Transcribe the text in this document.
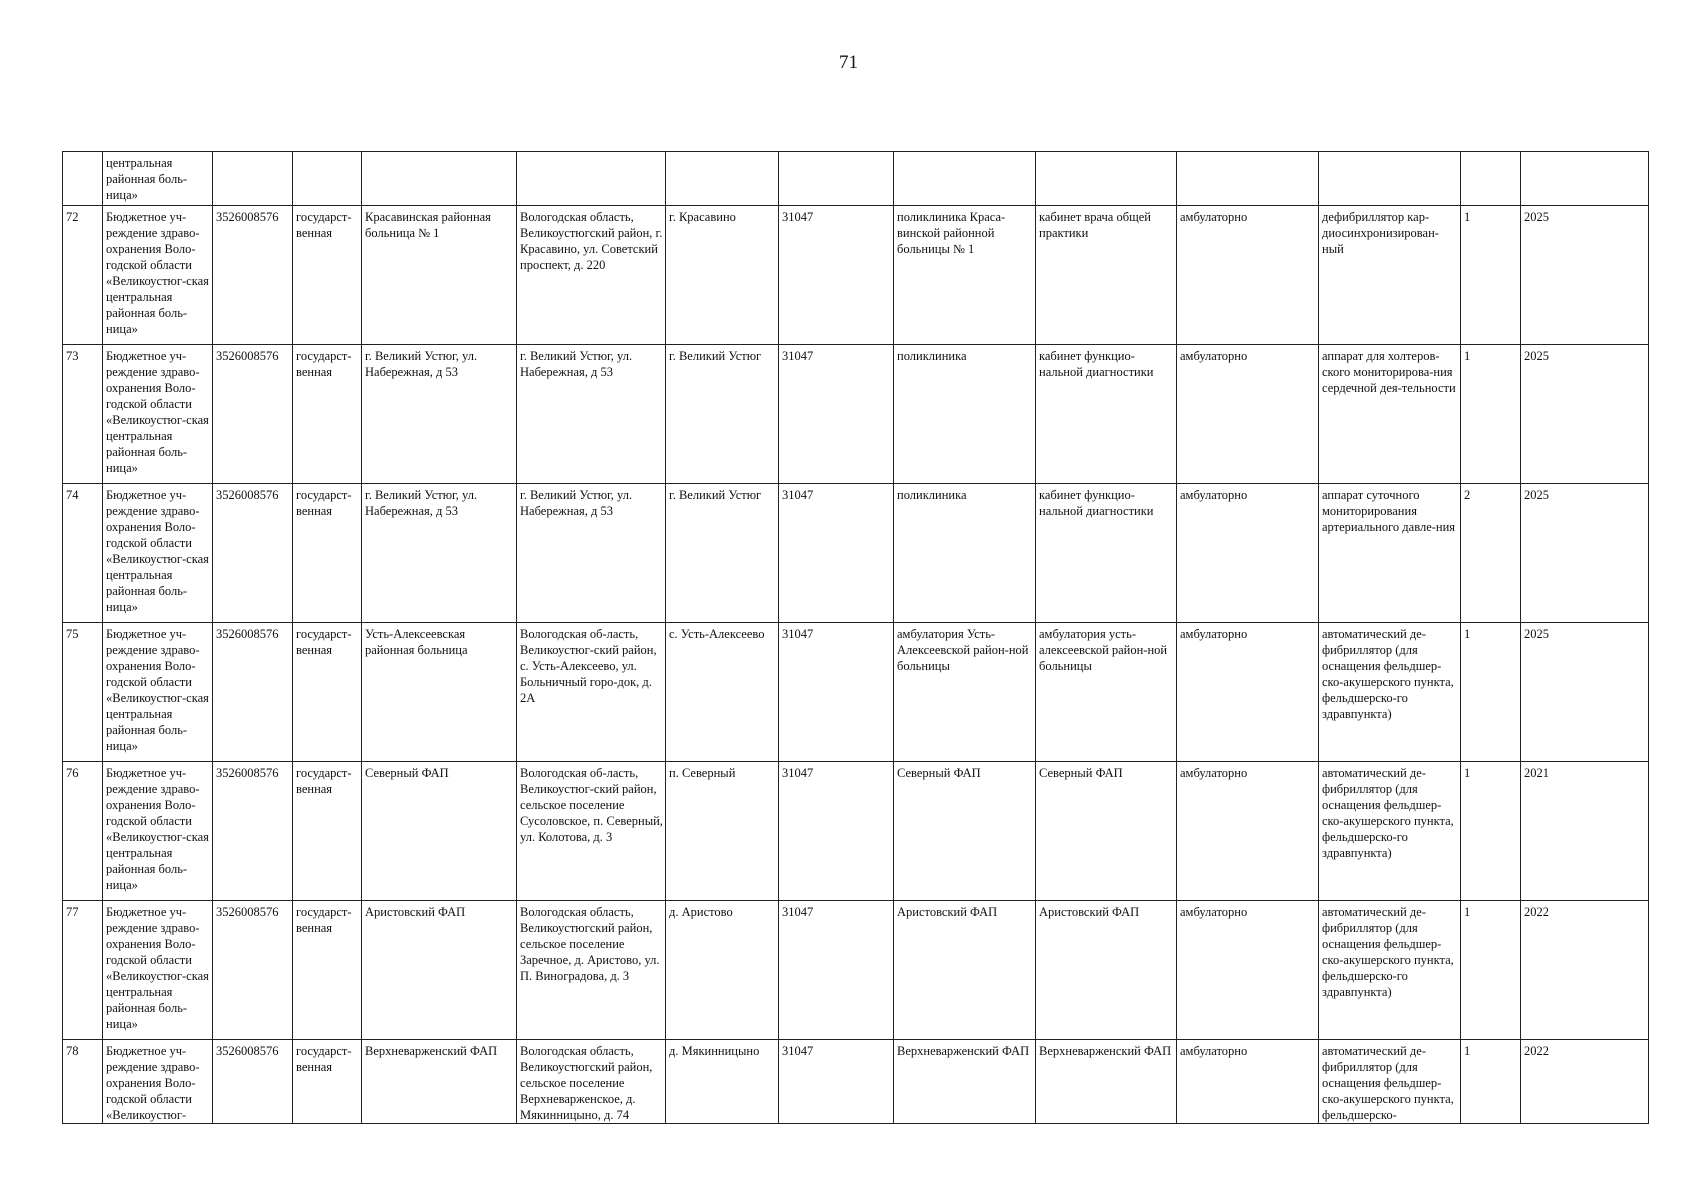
71
	центральная районная боль-ница»												
72	Бюджетное уч-реждение здраво-охранения Воло-годской области «Великоустюг-ская центральная районная боль-ница»	3526008576	государст-венная	Красавинская районная больница № 1	Вологодская область, Великоустюгский район, г. Красавино, ул. Советский проспект, д. 220	г. Красавино	31047	поликлиника Краса-винской районной больницы № 1	кабинет врача общей практики	амбулаторно	дефибриллятор кар-диосинхронизирован-ный	1	2025
73	Бюджетное уч-реждение здраво-охранения Воло-годской области «Великоустюг-ская центральная районная боль-ница»	3526008576	государст-венная	г. Великий Устюг, ул. Набережная, д 53	г. Великий Устюг, ул. Набережная, д 53	г. Великий Устюг	31047	поликлиника	кабинет функцио-нальной диагностики	амбулаторно	аппарат для холтеров-ского мониторирова-ния сердечной дея-тельности	1	2025
74	Бюджетное уч-реждение здраво-охранения Воло-годской области «Великоустюг-ская центральная районная боль-ница»	3526008576	государст-венная	г. Великий Устюг, ул. Набережная, д 53	г. Великий Устюг, ул. Набережная, д 53	г. Великий Устюг	31047	поликлиника	кабинет функцио-нальной диагностики	амбулаторно	аппарат суточного мониторирования артериального давле-ния	2	2025
75	Бюджетное уч-реждение здраво-охранения Воло-годской области «Великоустюг-ская центральная районная боль-ница»	3526008576	государст-венная	Усть-Алексеевская районная больница	Вологодская об-ласть, Великоустюг-ский район, с. Усть-Алексеево, ул. Больничный горо-док, д. 2А	с. Усть-Алексеево	31047	амбулатория Усть-Алексеевской район-ной больницы	амбулатория усть-алексеевской район-ной больницы	амбулаторно	автоматический де-фибриллятор (для оснащения фельдшер-ско-акушерского пункта, фельдшерско-го здравпункта)	1	2025
76	Бюджетное уч-реждение здраво-охранения Воло-годской области «Великоустюг-ская центральная районная боль-ница»	3526008576	государст-венная	Северный ФАП	Вологодская об-ласть, Великоустюг-ский район, сельское поселение Сусоловское, п. Северный, ул. Колотова, д. 3	п. Северный	31047	Северный ФАП	Северный ФАП	амбулаторно	автоматический де-фибриллятор (для оснащения фельдшер-ско-акушерского пункта, фельдшерско-го здравпункта)	1	2021
77	Бюджетное уч-реждение здраво-охранения Воло-годской области «Великоустюг-ская центральная районная боль-ница»	3526008576	государст-венная	Аристовский ФАП	Вологодская область, Великоустюгский район, сельское поселение Заречное, д. Аристово, ул. П. Виноградова, д. 3	д. Аристово	31047	Аристовский ФАП	Аристовский ФАП	амбулаторно	автоматический де-фибриллятор (для оснащения фельдшер-ско-акушерского пункта, фельдшерско-го здравпункта)	1	2022
78	Бюджетное уч-реждение здраво-охранения Воло-годской области «Великоустюг-	3526008576	государст-венная	Верхневарженский ФАП	Вологодская область, Великоустюгский район, сельское поселение Верхневарженское, д. Мякинницыно, д. 74	д. Мякинницыно	31047	Верхневарженский ФАП	Верхневарженский ФАП	амбулаторно	автоматический де-фибриллятор (для оснащения фельдшер-ско-акушерского пункта, фельдшерско-	1	2022
